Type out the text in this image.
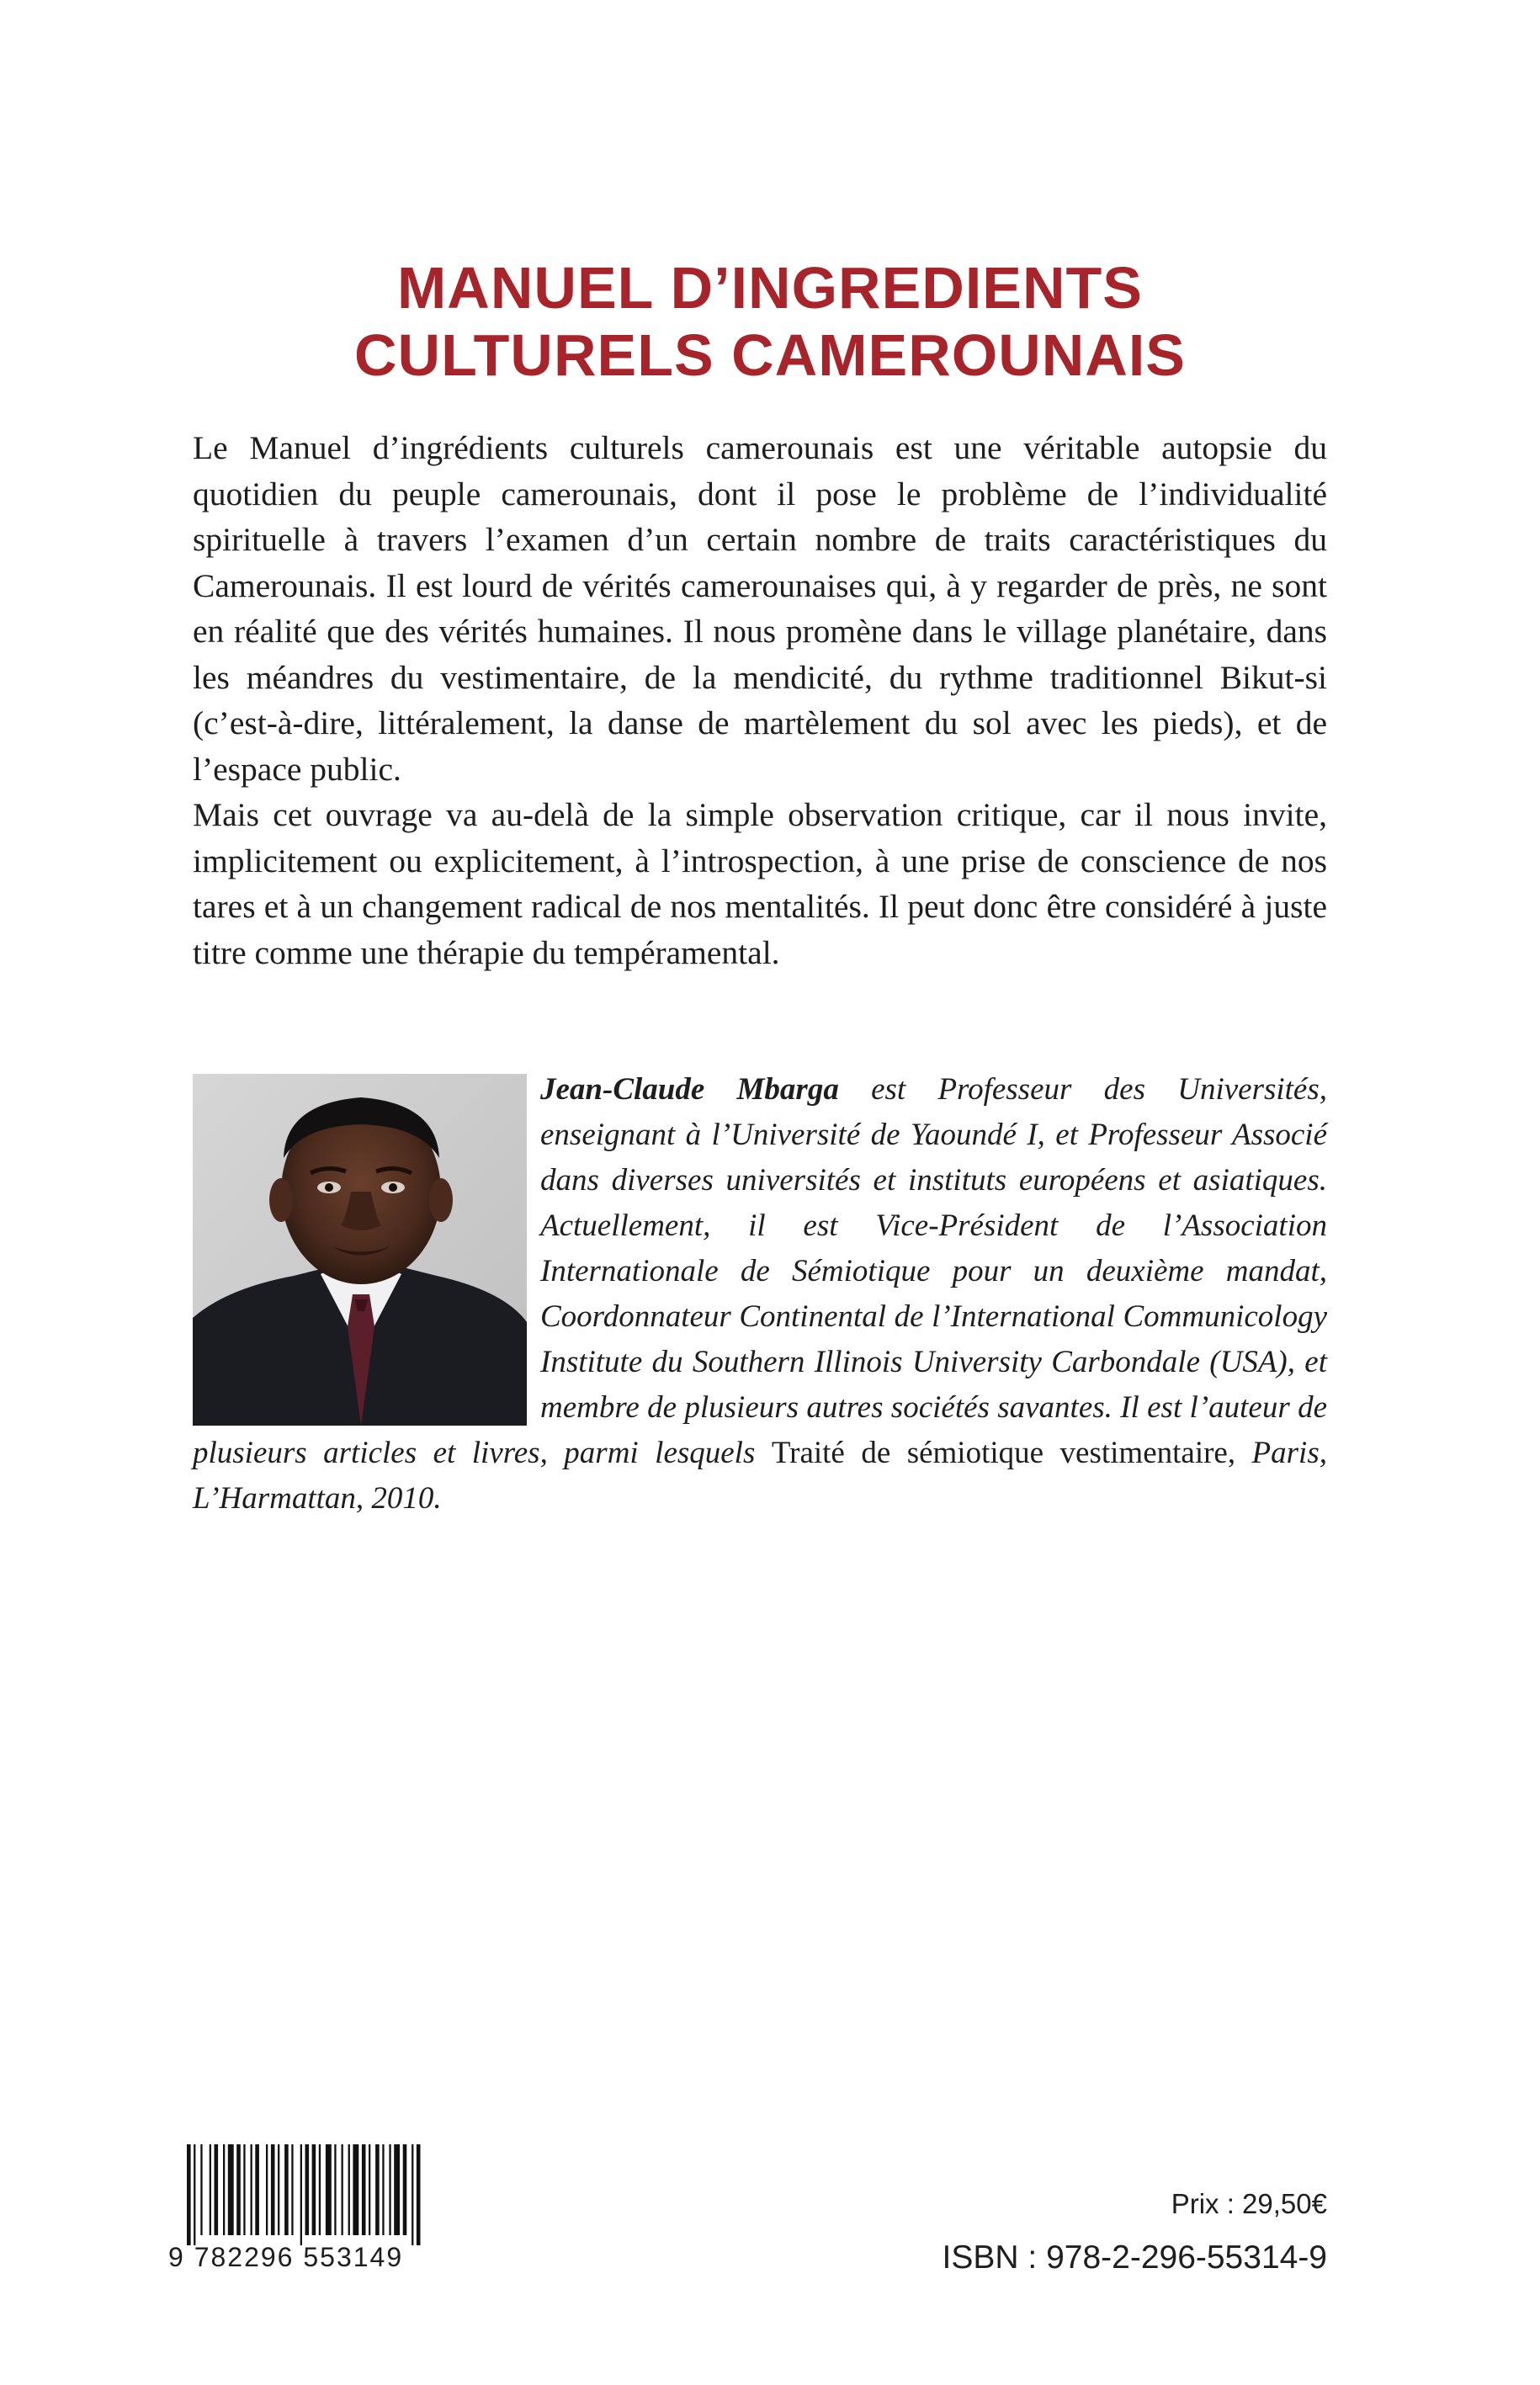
MANUEL D’INGREDIENTS
CULTURELS CAMEROUNAIS

Le Manuel d’ingrédients culturels camerounais est une véritable autopsie du quotidien du peuple camerounais, dont il pose le problème de l’individualité spirituelle à travers l’examen d’un certain nombre de traits caractéristiques du Camerounais. Il est lourd de vérités camerounaises qui, à y regarder de près, ne sont en réalité que des vérités humaines. Il nous promène dans le village planétaire, dans les méandres du vestimentaire, de la mendicité, du rythme traditionnel Bikut-si (c’est-à-dire, littéralement, la danse de martèlement du sol avec les pieds), et de l’espace public.

Mais cet ouvrage va au-delà de la simple observation critique, car il nous invite, implicitement ou explicitement, à l’introspection, à une prise de conscience de nos tares et à un changement radical de nos mentalités. Il peut donc être considéré à juste titre comme une thérapie du tempéramental.

Jean-Claude Mbarga est Professeur des Universités, enseignant à l’Université de Yaoundé I, et Professeur Associé dans diverses universités et instituts européens et asiatiques. Actuellement, il est Vice-Président de l’Association Internationale de Sémiotique pour un deuxième mandat, Coordonnateur Continental de l’International Communicology Institute du Southern Illinois University Carbondale (USA), et membre de plusieurs autres sociétés savantes. Il est l’auteur de plusieurs articles et livres, parmi lesquels Traité de sémiotique vestimentaire, Paris, L’Harmattan, 2010.
9 782296 553149
Prix : 29,50€
ISBN : 978-2-296-55314-9
